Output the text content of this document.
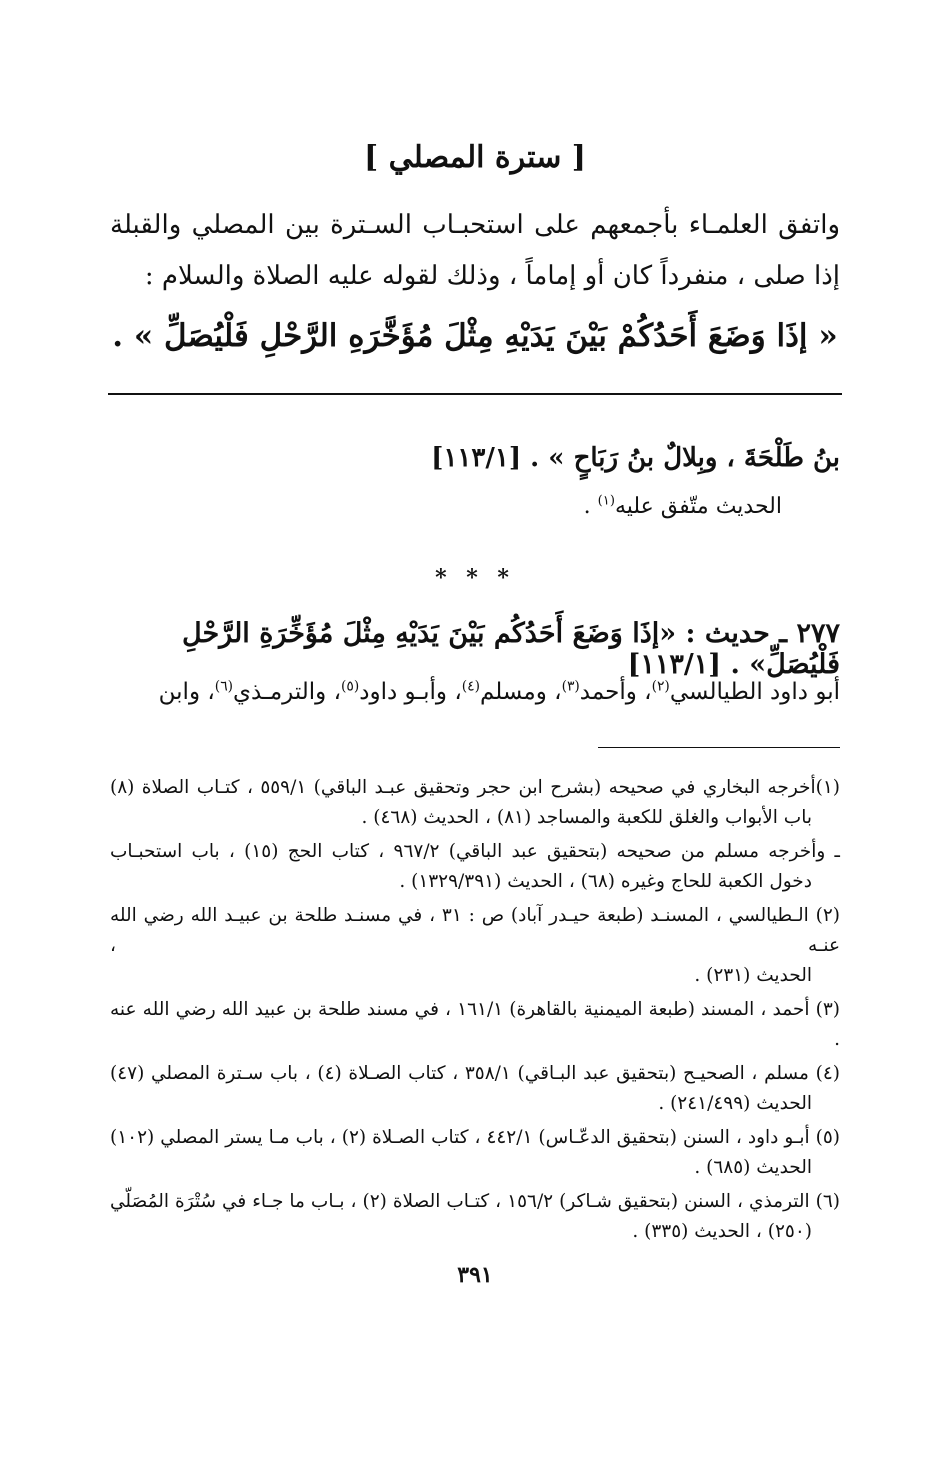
[ سترة المصلي ]
واتفق العلمـاء بأجمعهم على استحبـاب السـترة بين المصلي والقبلة
إذا صلى ، منفرداً كان أو إماماً ، وذلك لقوله عليه الصلاة والسلام :
« إذَا وَضَعَ أَحَدُكُمْ بَيْنَ يَدَيْهِ مِثْلَ مُؤَخَّرَهِ الرَّحْلِ فَلْيُصَلِّ » .
بنُ طَلْحَةَ ، وبِلالٌ بنُ رَبَاحٍ » . [١١٣/١]
الحديث متّفق عليه$^{(١)}$ .
* * *
٢٧٧ ـ حديث : «إذَا وَضَعَ أَحَدُكُم بَيْنَ يَدَيْهِ مِثْلَ مُؤَخِّرَةِ الرَّحْلِ فَلْيُصَلِّ» . [١١٣/١]
أبو داود الطيالسي$^{(٢)}$، وأحمد$^{(٣)}$، ومسلم$^{(٤)}$، وأبـو داود$^{(٥)}$، والترمـذي$^{(٦)}$، وابن
(١)أخرجه البخاري في صحيحه (بشرح ابن حجر وتحقيق عبـد الباقي) ٥٥٩/١ ، كتـاب الصلاة (٨)
باب الأبواب والغلق للكعبة والمساجد (٨١) ، الحديث (٤٦٨) .
ـ وأخرجه مسلم من صحيحه (بتحقيق عبد الباقي) ٩٦٧/٢ ، كتاب الحج (١٥) ، باب استحبـاب
دخول الكعبة للحاج وغيره (٦٨) ، الحديث (١٣٢٩/٣٩١) .
(٢) الـطيالسي ، المسنـد (طبعة حيـدر آباد) ص : ٣١ ، في مسنـد طلحة بن عبيـد الله رضي الله عنـه ،
الحديث (٢٣١) .
(٣) أحمد ، المسند (طبعة الميمنية بالقاهرة) ١٦١/١ ، في مسند طلحة بن عبيد الله رضي الله عنه .
(٤) مسلم ، الصحيـح (بتحقيق عبد البـاقي) ٣٥٨/١ ، كتاب الصـلاة (٤) ، باب سـترة المصلي (٤٧)
الحديث (٢٤١/٤٩٩) .
(٥) أبـو داود ، السنن (بتحقيق الدعّـاس) ٤٤٢/١ ، كتاب الصـلاة (٢) ، باب مـا يستر المصلي (١٠٢)
الحديث (٦٨٥) .
(٦) الترمذي ، السنن (بتحقيق شـاكر) ١٥٦/٢ ، كتـاب الصلاة (٢) ، بـاب ما جـاء في سُتْرَة المُصَلّي
(٢٥٠) ، الحديث (٣٣٥) .
٣٩١
